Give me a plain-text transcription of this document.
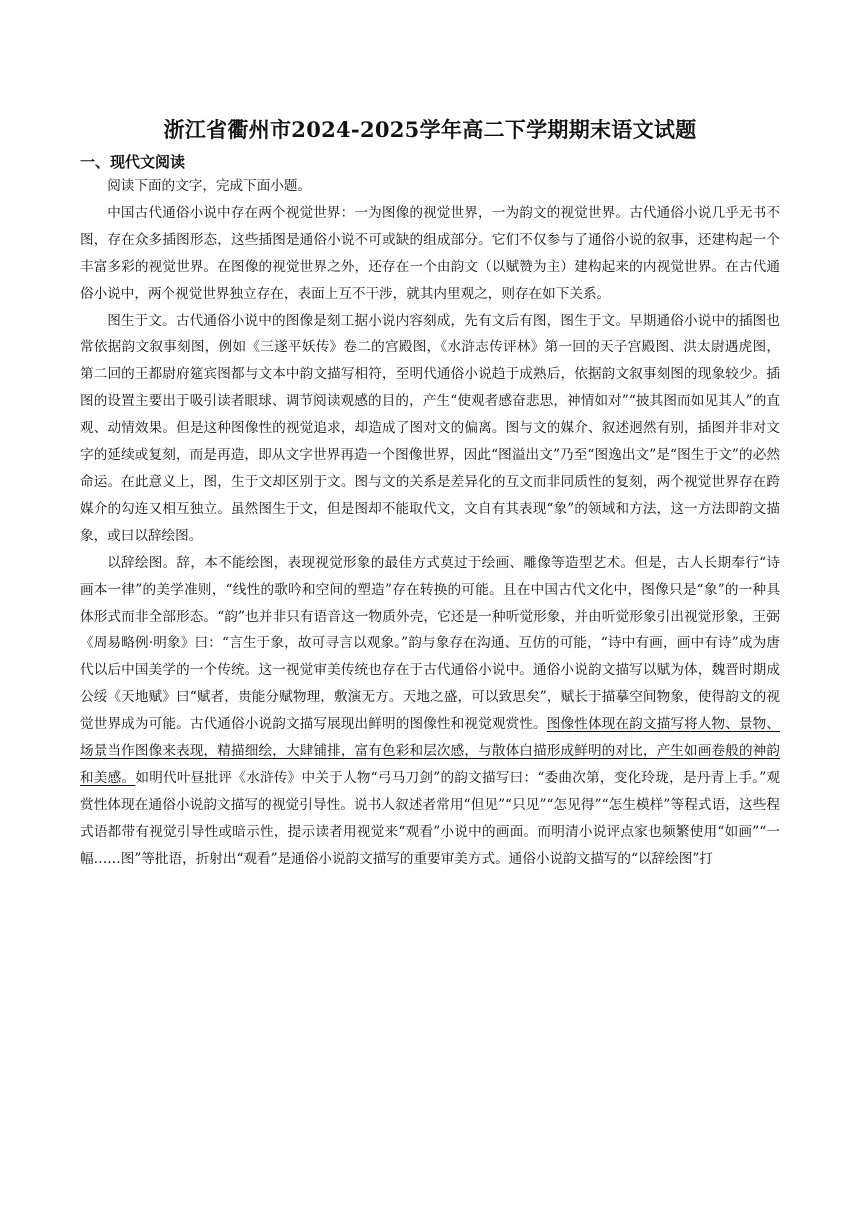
浙江省衢州市2024-2025学年高二下学期期末语文试题
一、现代文阅读

阅读下面的文字，完成下面小题。

中国古代通俗小说中存在两个视觉世界：一为图像的视觉世界，一为韵文的视觉世界。古代通俗小说几乎无书不图，存在众多插图形态，这些插图是通俗小说不可或缺的组成部分。它们不仅参与了通俗小说的叙事，还建构起一个丰富多彩的视觉世界。在图像的视觉世界之外，还存在一个由韵文（以赋赞为主）建构起来的内视觉世界。在古代通俗小说中，两个视觉世界独立存在，表面上互不干涉，就其内里观之，则存在如下关系。

图生于文。古代通俗小说中的图像是刻工据小说内容刻成，先有文后有图，图生于文。早期通俗小说中的插图也常依据韵文叙事刻图，例如《三遂平妖传》卷二的宫殿图，《水浒志传评林》第一回的天子宫殿图、洪太尉遇虎图，第二回的王都尉府筵宾图都与文本中韵文描写相符，至明代通俗小说趋于成熟后，依据韵文叙事刻图的现象较少。插图的设置主要出于吸引读者眼球、调节阅读观感的目的，产生“使观者感奋悲思，神情如对”“披其图而如见其人”的直观、动情效果。但是这种图像性的视觉追求，却造成了图对文的偏离。图与文的媒介、叙述迥然有别，插图并非对文字的延续或复刻，而是再造，即从文字世界再造一个图像世界，因此“图溢出文”乃至“图逸出文”是“图生于文”的必然命运。在此意义上，图，生于文却区别于文。图与文的关系是差异化的互文而非同质性的复刻，两个视觉世界存在跨媒介的勾连又相互独立。虽然图生于文，但是图却不能取代文，文自有其表现“象”的领域和方法，这一方法即韵文描象，或曰以辞绘图。

以辞绘图。辞，本不能绘图，表现视觉形象的最佳方式莫过于绘画、雕像等造型艺术。但是，古人长期奉行“诗画本一律”的美学准则，“线性的歌吟和空间的塑造”存在转换的可能。且在中国古代文化中，图像只是“象”的一种具体形式而非全部形态。“韵”也并非只有语音这一物质外壳，它还是一种听觉形象，并由听觉形象引出视觉形象，王弼《周易略例·明象》曰：“言生于象，故可寻言以观象。”韵与象存在沟通、互仿的可能，“诗中有画，画中有诗”成为唐代以后中国美学的一个传统。这一视觉审美传统也存在于古代通俗小说中。通俗小说韵文描写以赋为体，魏晋时期成公绥《天地赋》曰“赋者，贵能分赋物理，敷演无方。天地之盛，可以致思矣”，赋长于描摹空间物象，使得韵文的视觉世界成为可能。古代通俗小说韵文描写展现出鲜明的图像性和视觉观赏性。图像性体现在韵文描写将人物、景物、场景当作图像来表现，精描细绘，大肆铺排，富有色彩和层次感，与散体白描形成鲜明的对比，产生如画卷般的神韵和美感。如明代叶昼批评《水浒传》中关于人物“弓马刀剑”的韵文描写曰：“委曲次第，变化玲珑，是丹青上手。”观赏性体现在通俗小说韵文描写的视觉引导性。说书人叙述者常用“但见”“只见”“怎见得”“怎生模样”等程式语，这些程式语都带有视觉引导性或暗示性，提示读者用视觉来“观看”小说中的画面。而明清小说评点家也频繁使用“如画”“一幅……图”等批语，折射出“观看”是通俗小说韵文描写的重要审美方式。通俗小说韵文描写的“以辞绘图”打
